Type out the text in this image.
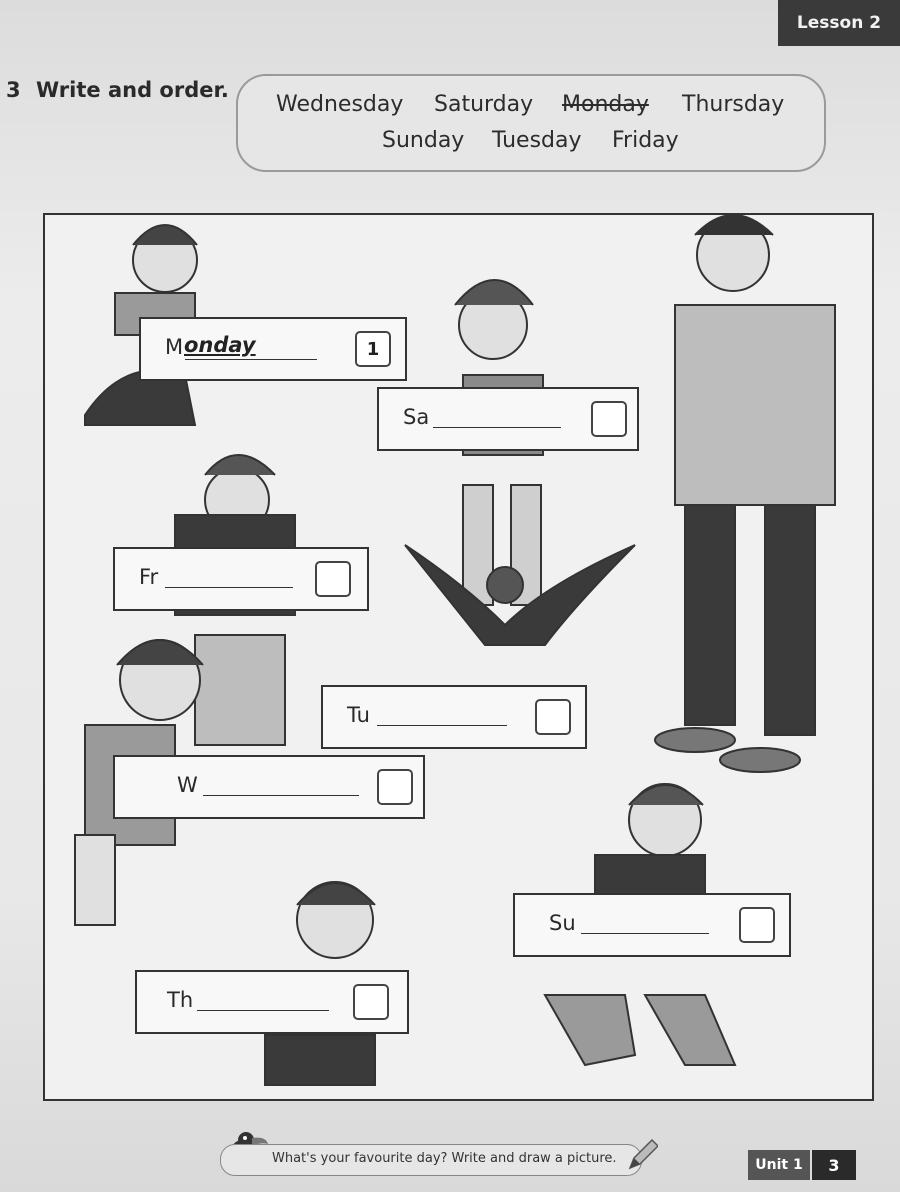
Lesson 2
3 Write and order.
Wednesday Saturday Monday Thursday
Sunday Tuesday Friday
M onday	1
Sa
Fr
Tu
W
Su
Th
What's your favourite day? Write and draw a picture.	Unit 1	3
